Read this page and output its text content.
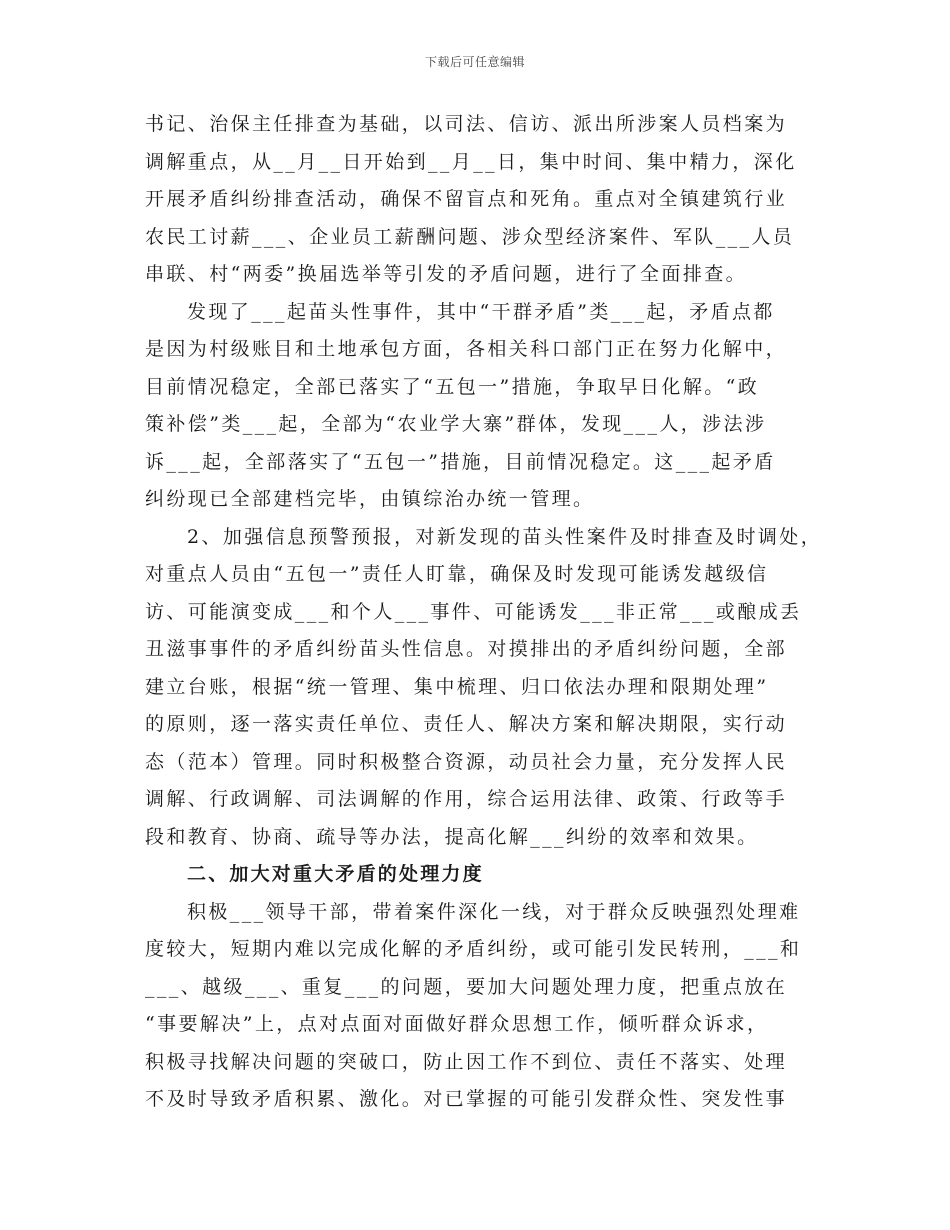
下载后可任意编辑
书记、治保主任排查为基础，以司法、信访、派出所涉案人员档案为
调解重点，从__月__日开始到__月__日，集中时间、集中精力，深化
开展矛盾纠纷排查活动，确保不留盲点和死角。重点对全镇建筑行业
农民工讨薪___、企业员工薪酬问题、涉众型经济案件、军队___人员
串联、村“两委”换届选举等引发的矛盾问题，进行了全面排查。
发现了___起苗头性事件，其中“干群矛盾”类___起，矛盾点都
是因为村级账目和土地承包方面，各相关科口部门正在努力化解中，
目前情况稳定，全部已落实了“五包一”措施，争取早日化解。“政
策补偿”类___起，全部为“农业学大寨”群体，发现___人，涉法涉
诉___起，全部落实了“五包一”措施，目前情况稳定。这___起矛盾
纠纷现已全部建档完毕，由镇综治办统一管理。
2、加强信息预警预报，对新发现的苗头性案件及时排查及时调处，
对重点人员由“五包一”责任人盯靠，确保及时发现可能诱发越级信
访、可能演变成___和个人___事件、可能诱发___非正常___或酿成丢
丑滋事事件的矛盾纠纷苗头性信息。对摸排出的矛盾纠纷问题，全部
建立台账，根据“统一管理、集中梳理、归口依法办理和限期处理”
的原则，逐一落实责任单位、责任人、解决方案和解决期限，实行动
态（范本）管理。同时积极整合资源，动员社会力量，充分发挥人民
调解、行政调解、司法调解的作用，综合运用法律、政策、行政等手
段和教育、协商、疏导等办法，提高化解___纠纷的效率和效果。
二、加大对重大矛盾的处理力度
积极___领导干部，带着案件深化一线，对于群众反映强烈处理难
度较大，短期内难以完成化解的矛盾纠纷，或可能引发民转刑，___和
___、越级___、重复___的问题，要加大问题处理力度，把重点放在
“事要解决”上，点对点面对面做好群众思想工作，倾听群众诉求，
积极寻找解决问题的突破口，防止因工作不到位、责任不落实、处理
不及时导致矛盾积累、激化。对已掌握的可能引发群众性、突发性事
